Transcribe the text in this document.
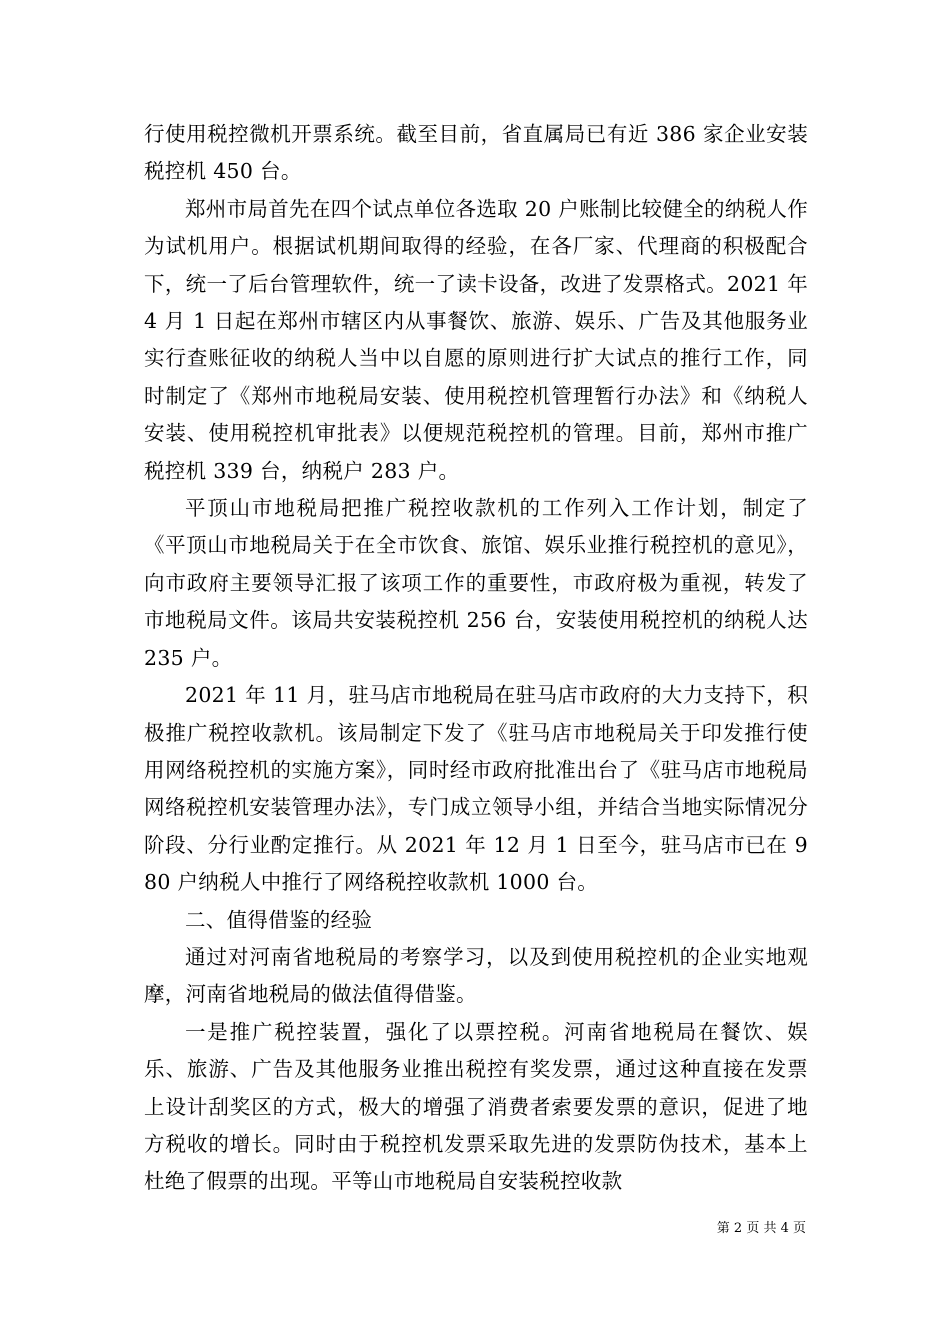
行使用税控微机开票系统。截至目前，省直属局已有近 386 家企业安装税控机 450 台。

郑州市局首先在四个试点单位各选取 20 户账制比较健全的纳税人作为试机用户。根据试机期间取得的经验，在各厂家、代理商的积极配合下，统一了后台管理软件，统一了读卡设备，改进了发票格式。2021 年 4 月 1 日起在郑州市辖区内从事餐饮、旅游、娱乐、广告及其他服务业实行查账征收的纳税人当中以自愿的原则进行扩大试点的推行工作，同时制定了《郑州市地税局安装、使用税控机管理暂行办法》和《纳税人安装、使用税控机审批表》以便规范税控机的管理。目前，郑州市推广税控机 339 台，纳税户 283 户。

平顶山市地税局把推广税控收款机的工作列入工作计划，制定了《平顶山市地税局关于在全市饮食、旅馆、娱乐业推行税控机的意见》，向市政府主要领导汇报了该项工作的重要性，市政府极为重视，转发了市地税局文件。该局共安装税控机 256 台，安装使用税控机的纳税人达 235 户。

2021 年 11 月，驻马店市地税局在驻马店市政府的大力支持下，积极推广税控收款机。该局制定下发了《驻马店市地税局关于印发推行使用网络税控机的实施方案》，同时经市政府批准出台了《驻马店市地税局网络税控机安装管理办法》，专门成立领导小组，并结合当地实际情况分阶段、分行业酌定推行。从 2021 年 12 月 1 日至今，驻马店市已在 980 户纳税人中推行了网络税控收款机 1000 台。

二、值得借鉴的经验

通过对河南省地税局的考察学习，以及到使用税控机的企业实地观摩，河南省地税局的做法值得借鉴。

一是推广税控装置，强化了以票控税。河南省地税局在餐饮、娱乐、旅游、广告及其他服务业推出税控有奖发票，通过这种直接在发票上设计刮奖区的方式，极大的增强了消费者索要发票的意识，促进了地方税收的增长。同时由于税控机发票采取先进的发票防伪技术，基本上杜绝了假票的出现。平等山市地税局自安装税控收款

第 2 页 共 4 页
